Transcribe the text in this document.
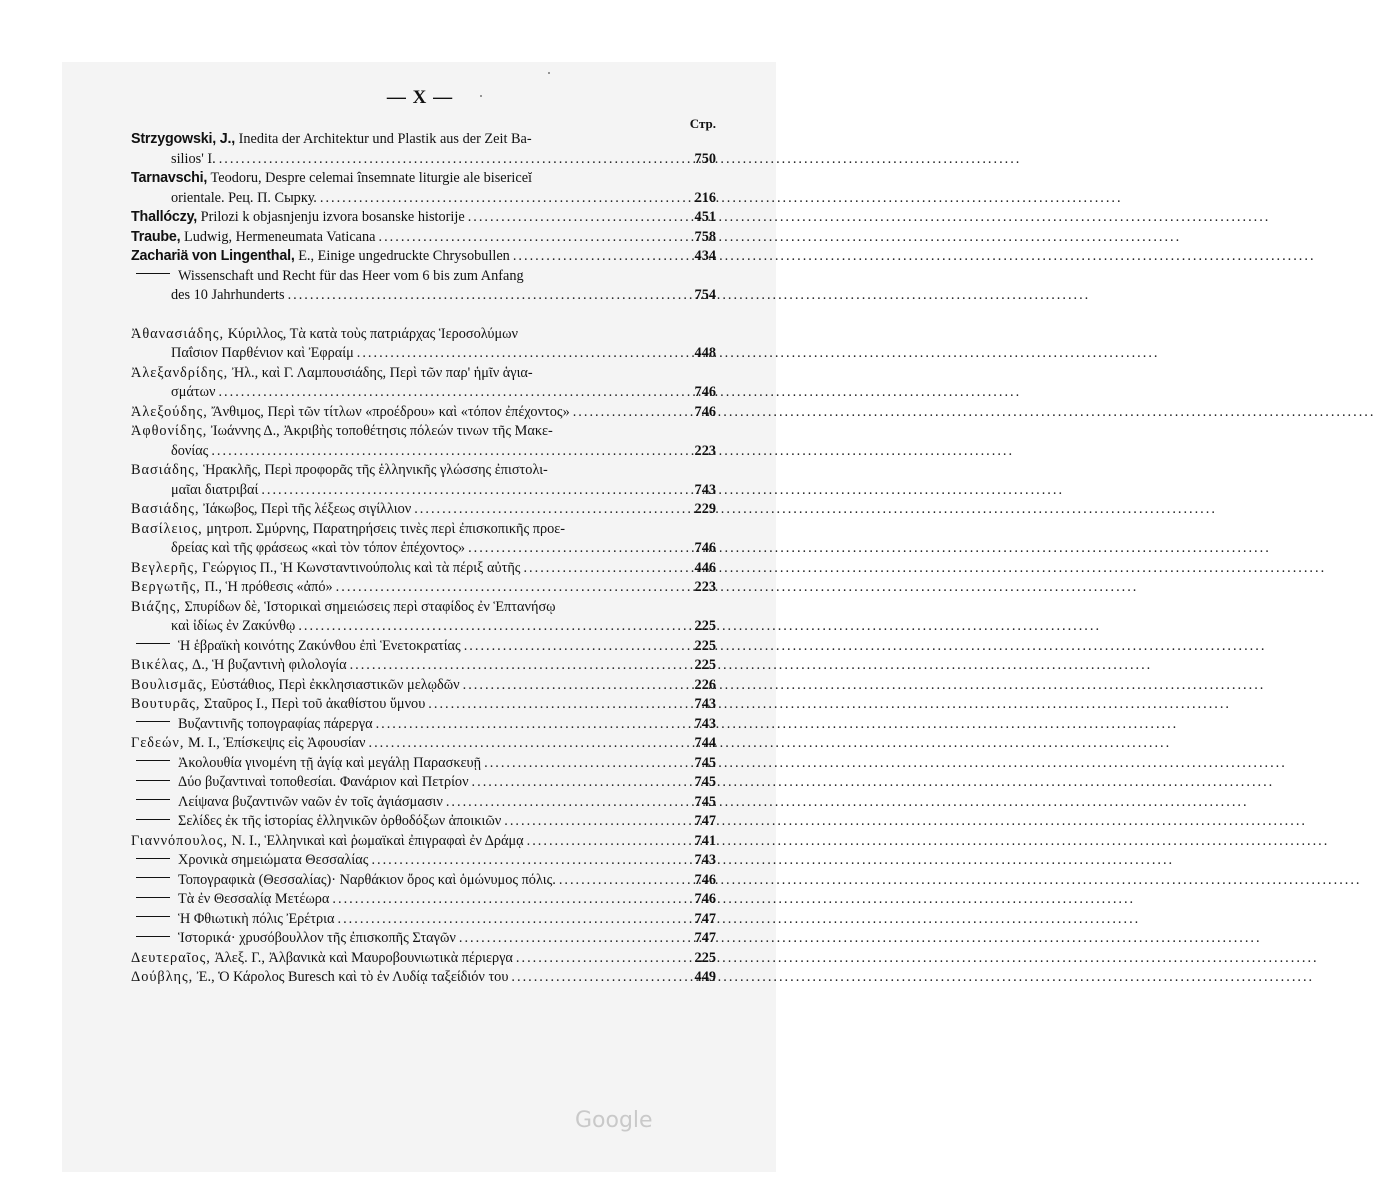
— X —
Стр.
Strzygowski, J., Inedita der Architektur und Plastik aus der Zeit Ba-
silios' I. .....	750
Tarnavschi, Teodoru, Despre celemai însemnate liturgie ale bisericeĭ
orientale. Рец. П. Сырку. .....	216
Thallóczy, Prilozi k objasnjenju izvora bosanske historije .....	451
Traube, Ludwig, Hermeneumata Vaticana .....	758
Zachariä von Lingenthal, E., Einige ungedruckte Chrysobullen .....	434
Wissenschaft und Recht für das Heer vom 6 bis zum Anfang
des 10 Jahrhunderts .....	754
Ἀθανασιάδης, Κύριλλος, Τὰ κατὰ τοὺς πατριάρχας Ἱεροσολύμων
Παΐσιον Παρθένιον καὶ Ἐφραίμ .....	448
Ἀλεξανδρίδης, Ἠλ., καὶ Γ. Λαμπουσιάδης, Περὶ τῶν παρ' ἡμῖν ἁγια-
σμάτων .....	746
Ἀλεξούδης, Ἄνθιμος, Περὶ τῶν τίτλων «προέδρου» καὶ «τόπον ἐπέχοντος» .....	746
Ἀφθονίδης, Ἰωάννης Δ., Ἀκριβὴς τοποθέτησις πόλεών τινων τῆς Μακε-
δονίας .....	223
Βασιάδης, Ἡρακλῆς, Περὶ προφορᾶς τῆς ἑλληνικῆς γλώσσης ἐπιστολι-
μαῖαι διατριβαί .....	743
Βασιάδης, Ἰάκωβος, Περὶ τῆς λέξεως σιγίλλιον .....	229
Βασίλειος, μητροπ. Σμύρνης, Παρατηρήσεις τινὲς περὶ ἐπισκοπικῆς προε-
δρείας καὶ τῆς φράσεως «καὶ τὸν τόπον ἐπέχοντος» .....	746
Βεγλερῆς, Γεώργιος Π., Ἡ Κωνσταντινούπολις καὶ τὰ πέριξ αὐτῆς .....	446
Βεργωτῆς, Π., Ἡ πρόθεσις «ἀπό» .....	223
Βιάζης, Σπυρίδων δὲ, Ἱστορικαὶ σημειώσεις περὶ σταφίδος ἐν Ἑπτανήσῳ
καὶ ἰδίως ἐν Ζακύνθῳ .....	225
Ἡ ἑβραϊκὴ κοινότης Ζακύνθου ἐπὶ Ἑνετοκρατίας .....	225
Βικέλας, Δ., Ἡ βυζαντινὴ φιλολογία .....	225
Βουλισμᾶς, Εὐστάθιος, Περὶ ἐκκλησιαστικῶν μελῳδῶν .....	226
Βουτυρᾶς, Σταῦρος Ι., Περὶ τοῦ ἀκαθίστου ὕμνου .....	743
Βυζαντινῆς τοπογραφίας πάρεργα .....	743
Γεδεών, Μ. Ι., Ἐπίσκεψις εἰς Ἀφουσίαν .....	744
Ἀκολουθία γινομένη τῇ ἁγίᾳ καὶ μεγάλῃ Παρασκευῇ .....	745
Δύο βυζαντιναὶ τοποθεσίαι. Φανάριον καὶ Πετρίον .....	745
Λείψανα βυζαντινῶν ναῶν ἐν τοῖς ἁγιάσμασιν .....	745
Σελίδες ἐκ τῆς ἱστορίας ἑλληνικῶν ὀρθοδόξων ἀποικιῶν .....	747
Γιαννόπουλος, Ν. Ι., Ἑλληνικαὶ καὶ ῥωμαϊκαὶ ἐπιγραφαὶ ἐν Δράμᾳ .....	741
Χρονικὰ σημειώματα Θεσσαλίας .....	743
Τοπογραφικὰ (Θεσσαλίας)· Ναρθάκιον ὄρος καὶ ὁμώνυμος πόλις. .....	746
Τὰ ἐν Θεσσαλίᾳ Μετέωρα .....	746
Ἡ Φθιωτικὴ πόλις Ἐρέτρια .....	747
Ἱστορικά· χρυσόβουλλον τῆς ἐπισκοπῆς Σταγῶν .....	747
Δευτεραῖος, Ἀλεξ. Γ., Ἀλβανικὰ καὶ Μαυροβουνιωτικὰ πέριεργα .....	225
Δούβλης, Ἐ., Ὁ Κάρολος Buresch καὶ τὸ ἐν Λυδίᾳ ταξείδιόν του .....	449
Google
